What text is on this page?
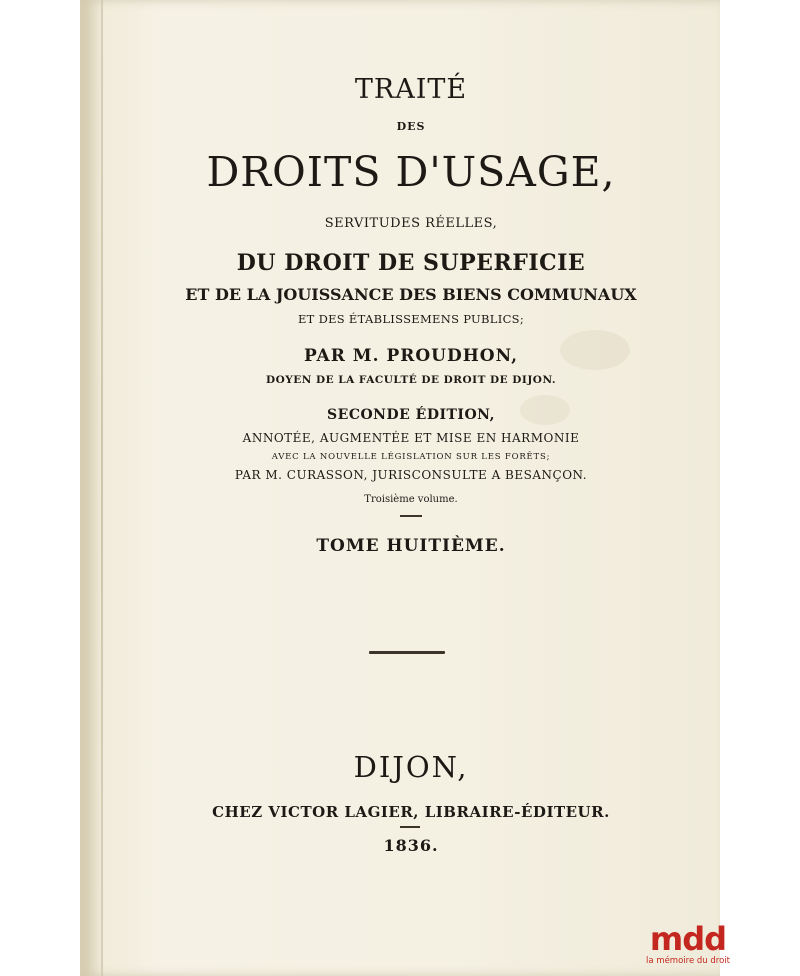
TRAITÉ

DES

DROITS D'USAGE,

SERVITUDES RÉELLES,

DU DROIT DE SUPERFICIE

ET DE LA JOUISSANCE DES BIENS COMMUNAUX

ET DES ÉTABLISSEMENS PUBLICS;

PAR M. PROUDHON,

DOYEN DE LA FACULTÉ DE DROIT DE DIJON.

SECONDE ÉDITION,

ANNOTÉE, AUGMENTÉE ET MISE EN HARMONIE

AVEC LA NOUVELLE LÉGISLATION SUR LES FORÊTS;

PAR M. CURASSON, JURISCONSULTE A BESANÇON.

Troisième volume.

TOME HUITIÈME.

DIJON,

CHEZ VICTOR LAGIER, LIBRAIRE-ÉDITEUR.

1836.

mdd
la mémoire du droit
